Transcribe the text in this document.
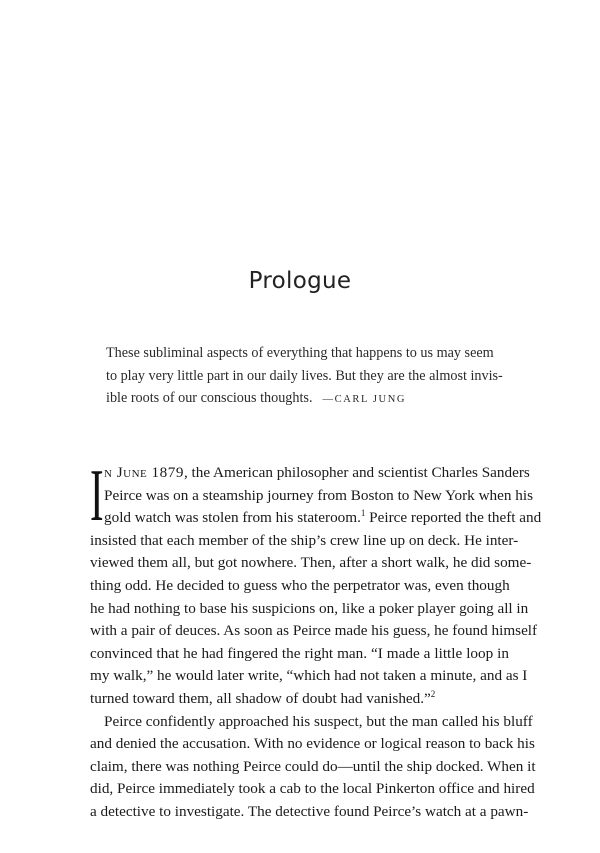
Prologue
These subliminal aspects of everything that happens to us may seem
to play very little part in our daily lives. But they are the almost invis-
ible roots of our conscious thoughts. —CARL JUNG
I n June 1879, the American philosopher and scientist Charles Sanders
Peirce was on a steamship journey from Boston to New York when his
gold watch was stolen from his stateroom.$^1$ Peirce reported the theft and
insisted that each member of the ship’s crew line up on deck. He inter-
viewed them all, but got nowhere. Then, after a short walk, he did some-
thing odd. He decided to guess who the perpetrator was, even though
he had nothing to base his suspicions on, like a poker player going all in
with a pair of deuces. As soon as Peirce made his guess, he found himself
convinced that he had fingered the right man. “I made a little loop in
my walk,” he would later write, “which had not taken a minute, and as I
turned toward them, all shadow of doubt had vanished.”$^2$
Peirce confidently approached his suspect, but the man called his bluff
and denied the accusation. With no evidence or logical reason to back his
claim, there was nothing Peirce could do—until the ship docked. When it
did, Peirce immediately took a cab to the local Pinkerton office and hired
a detective to investigate. The detective found Peirce’s watch at a pawn-
